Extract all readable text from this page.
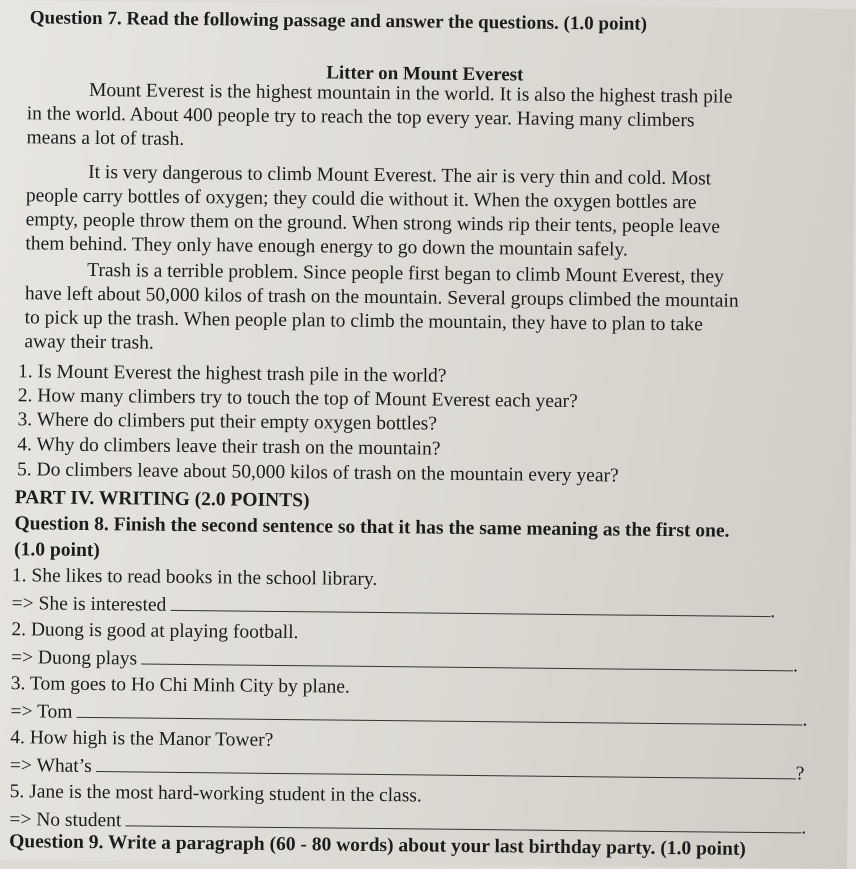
Question 7. Read the following passage and answer the questions. (1.0 point)
Litter on Mount Everest
Mount Everest is the highest mountain in the world. It is also the highest trash pile
in the world. About 400 people try to reach the top every year. Having many climbers
means a lot of trash.
It is very dangerous to climb Mount Everest. The air is very thin and cold. Most
people carry bottles of oxygen; they could die without it. When the oxygen bottles are
empty, people throw them on the ground. When strong winds rip their tents, people leave
them behind. They only have enough energy to go down the mountain safely.
Trash is a terrible problem. Since people first began to climb Mount Everest, they
have left about 50,000 kilos of trash on the mountain. Several groups climbed the mountain
to pick up the trash. When people plan to climb the mountain, they have to plan to take
away their trash.
1. Is Mount Everest the highest trash pile in the world?
2. How many climbers try to touch the top of Mount Everest each year?
3. Where do climbers put their empty oxygen bottles?
4. Why do climbers leave their trash on the mountain?
5. Do climbers leave about 50,000 kilos of trash on the mountain every year?
PART IV. WRITING (2.0 POINTS)
Question 8. Finish the second sentence so that it has the same meaning as the first one.
(1.0 point)
1. She likes to read books in the school library.
=> She is interested	.
2. Duong is good at playing football.
=> Duong plays	.
3. Tom goes to Ho Chi Minh City by plane.
=> Tom	.
4. How high is the Manor Tower?
=> What’s	?
5. Jane is the most hard-working student in the class.
=> No student	.
Question 9. Write a paragraph (60 - 80 words) about your last birthday party. (1.0 point)
